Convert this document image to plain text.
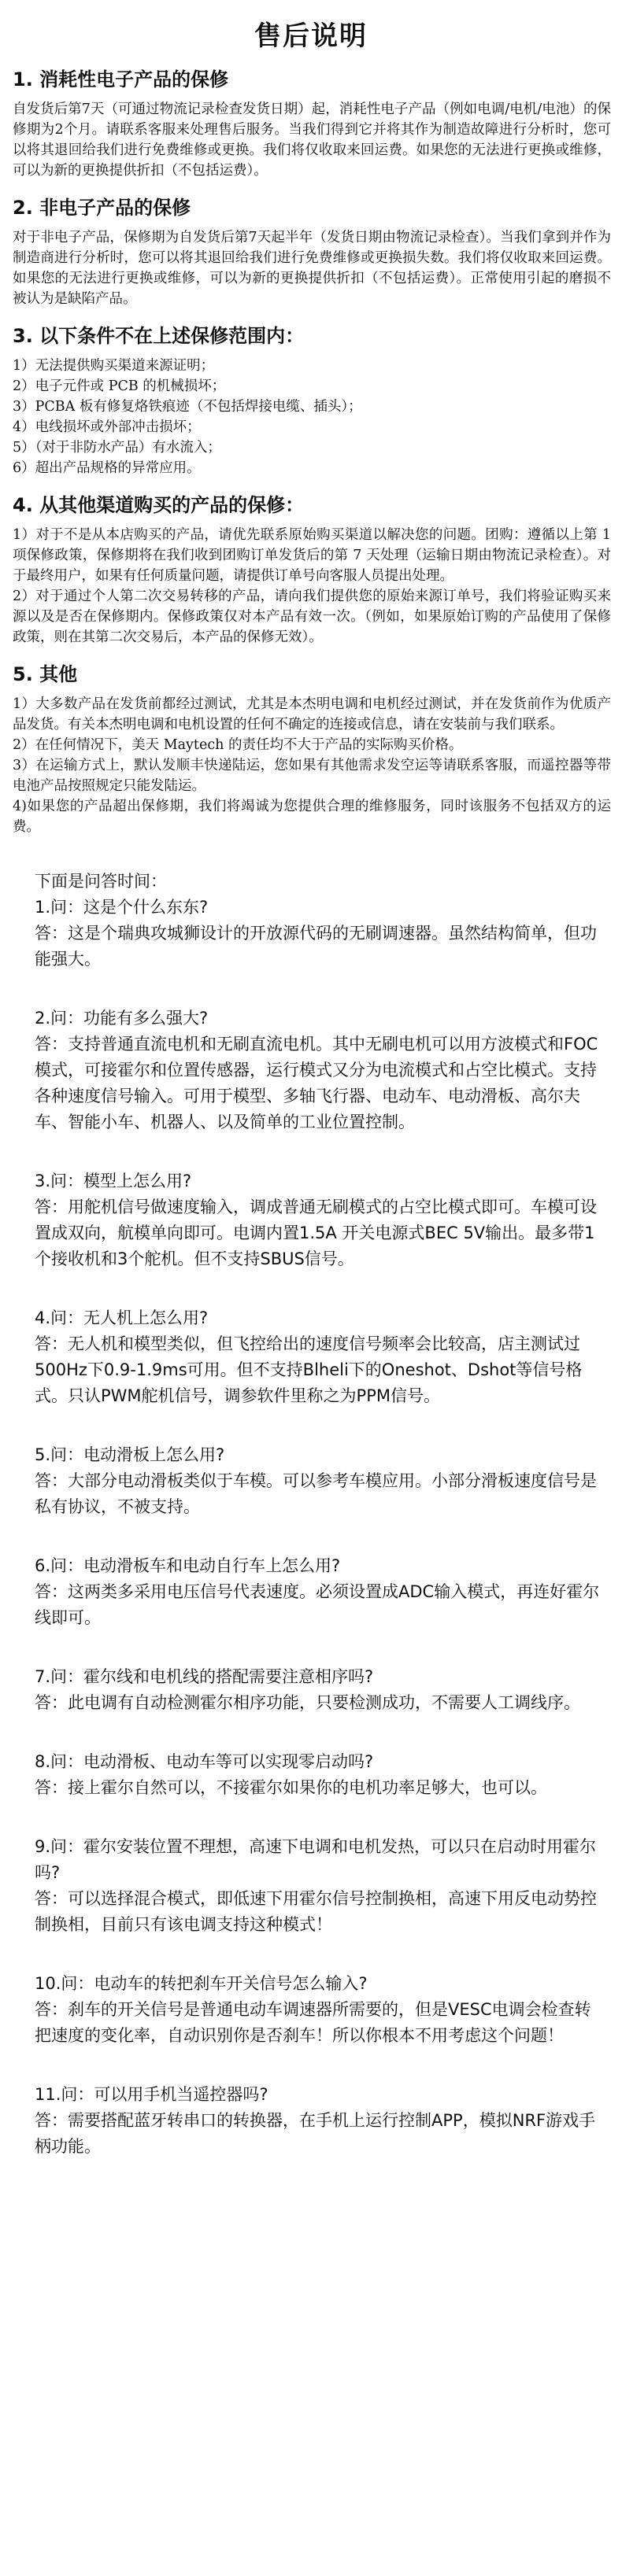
售后说明
1. 消耗性电子产品的保修

自发货后第7天（可通过物流记录检查发货日期）起，消耗性电子产品（例如电调/电机/电池）的保修期为2个月。请联系客服来处理售后服务。当我们得到它并将其作为制造故障进行分析时，您可以将其退回给我们进行免费维修或更换。我们将仅收取来回运费。如果您的无法进行更换或维修，可以为新的更换提供折扣（不包括运费）。

2. 非电子产品的保修

对于非电子产品，保修期为自发货后第7天起半年（发货日期由物流记录检查）。当我们拿到并作为制造商进行分析时，您可以将其退回给我们进行免费维修或更换损失数。我们将仅收取来回运费。如果您的无法进行更换或维修，可以为新的更换提供折扣（不包括运费）。正常使用引起的磨损不被认为是缺陷产品。

3. 以下条件不在上述保修范围内：

1）无法提供购买渠道来源证明；

2）电子元件或 PCB 的机械损坏；

3）PCBA 板有修复烙铁痕迹（不包括焊接电缆、插头）；

4）电线损坏或外部冲击损坏；

5）（对于非防水产品）有水流入；

6）超出产品规格的异常应用。

4. 从其他渠道购买的产品的保修：

1）对于不是从本店购买的产品，请优先联系原始购买渠道以解决您的问题。团购：遵循以上第 1 项保修政策，保修期将在我们收到团购订单发货后的第 7 天处理（运输日期由物流记录检查）。对于最终用户，如果有任何质量问题，请提供订单号向客服人员提出处理。

2）对于通过个人第二次交易转移的产品，请向我们提供您的原始来源订单号，我们将验证购买来源以及是否在保修期内。保修政策仅对本产品有效一次。（例如，如果原始订购的产品使用了保修政策，则在其第二次交易后，本产品的保修无效）。

5. 其他

1）大多数产品在发货前都经过测试，尤其是本杰明电调和电机经过测试，并在发货前作为优质产品发货。有关本杰明电调和电机设置的任何不确定的连接或信息，请在安装前与我们联系。

2）在任何情况下，美天 Maytech 的责任均不大于产品的实际购买价格。

3）在运输方式上，默认发顺丰快递陆运，您如果有其他需求发空运等请联系客服，而遥控器等带电池产品按照规定只能发陆运。

4)如果您的产品超出保修期，我们将竭诚为您提供合理的维修服务，同时该服务不包括双方的运费。

下面是问答时间：

1.问：这是个什么东东?

答：这是个瑞典攻城狮设计的开放源代码的无刷调速器。虽然结构简单，但功能强大。

2.问：功能有多么强大?

答：支持普通直流电机和无刷直流电机。其中无刷电机可以用方波模式和FOC模式，可接霍尔和位置传感器，运行模式又分为电流模式和占空比模式。支持各种速度信号输入。可用于模型、多轴飞行器、电动车、电动滑板、高尔夫车、智能小车、机器人、以及简单的工业位置控制。

3.问：模型上怎么用?

答：用舵机信号做速度输入，调成普通无刷模式的占空比模式即可。车模可设置成双向，航模单向即可。电调内置1.5A 开关电源式BEC 5V输出。最多带1个接收机和3个舵机。但不支持SBUS信号。

4.问：无人机上怎么用?

答：无人机和模型类似，但飞控给出的速度信号频率会比较高，店主测试过500Hz下0.9-1.9ms可用。但不支持Blheli下的Oneshot、Dshot等信号格式。只认PWM舵机信号，调参软件里称之为PPM信号。

5.问：电动滑板上怎么用?

答：大部分电动滑板类似于车模。可以参考车模应用。小部分滑板速度信号是私有协议，不被支持。

6.问：电动滑板车和电动自行车上怎么用?

答：这两类多采用电压信号代表速度。必须设置成ADC输入模式，再连好霍尔线即可。

7.问：霍尔线和电机线的搭配需要注意相序吗?

答：此电调有自动检测霍尔相序功能，只要检测成功，不需要人工调线序。

8.问：电动滑板、电动车等可以实现零启动吗?

答：接上霍尔自然可以，不接霍尔如果你的电机功率足够大，也可以。

9.问：霍尔安装位置不理想，高速下电调和电机发热，可以只在启动时用霍尔吗?

答：可以选择混合模式，即低速下用霍尔信号控制换相，高速下用反电动势控制换相，目前只有该电调支持这种模式！

10.问：电动车的转把刹车开关信号怎么输入?

答：刹车的开关信号是普通电动车调速器所需要的，但是VESC电调会检查转把速度的变化率，自动识别你是否刹车！所以你根本不用考虑这个问题！

11.问：可以用手机当遥控器吗?

答：需要搭配蓝牙转串口的转换器，在手机上运行控制APP，模拟NRF游戏手柄功能。
